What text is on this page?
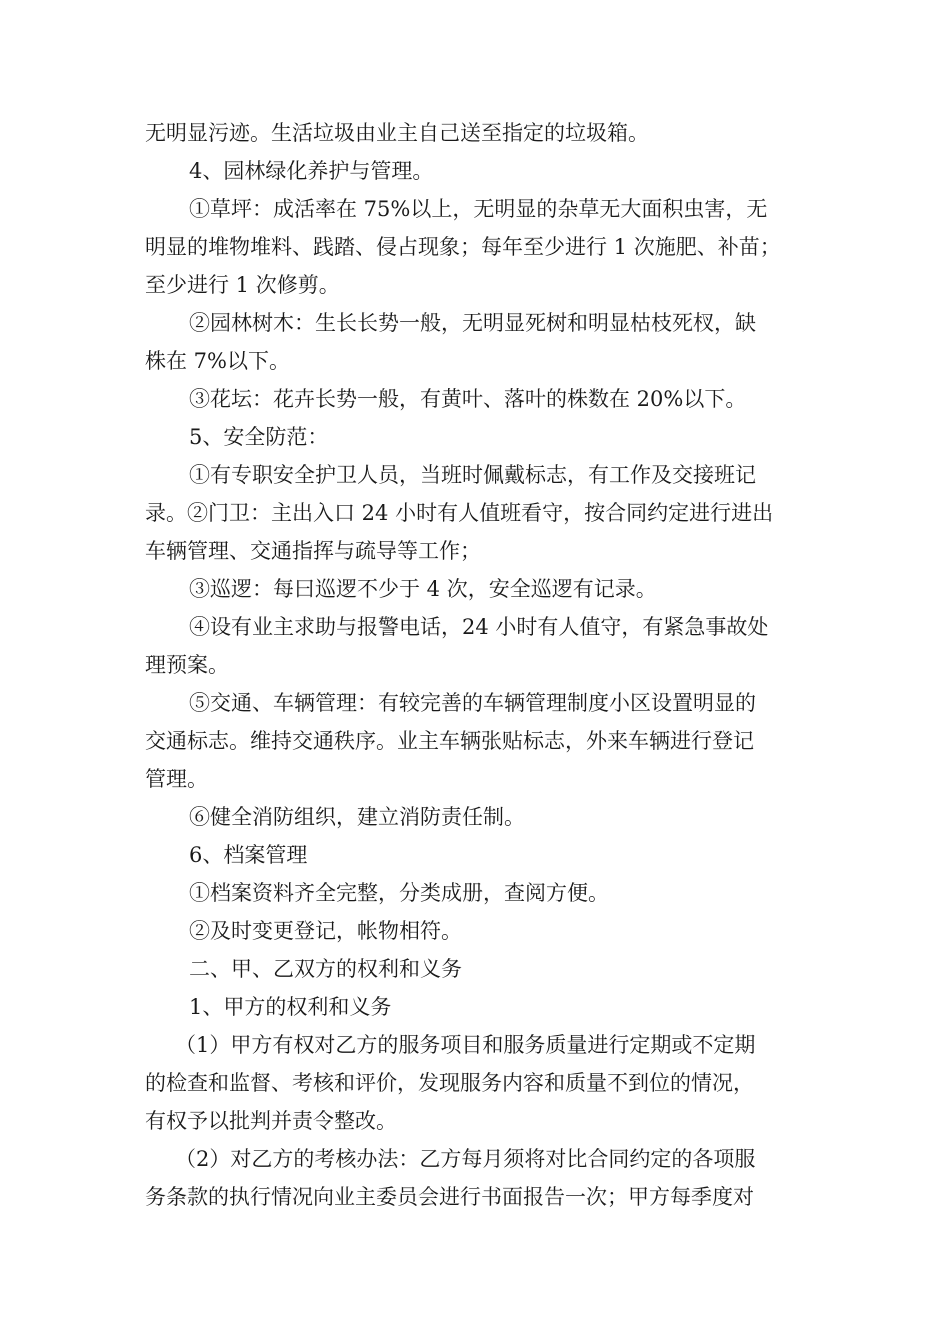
无明显污迹。生活垃圾由业主自己送至指定的垃圾箱。
4、园林绿化养护与管理。
①草坪：成活率在 75%以上，无明显的杂草无大面积虫害，无
明显的堆物堆料、践踏、侵占现象；每年至少进行 1 次施肥、补苗；
至少进行 1 次修剪。
②园林树木：生长长势一般，无明显死树和明显枯枝死杈，缺
株在 7%以下。
③花坛：花卉长势一般，有黄叶、落叶的株数在 20%以下。
5、安全防范：
①有专职安全护卫人员，当班时佩戴标志，有工作及交接班记
录。②门卫：主出入口 24 小时有人值班看守，按合同约定进行进出
车辆管理、交通指挥与疏导等工作；
③巡逻：每曰巡逻不少于 4 次，安全巡逻有记录。
④设有业主求助与报警电话，24 小时有人值守，有紧急事故处
理预案。
⑤交通、车辆管理：有较完善的车辆管理制度小区设置明显的
交通标志。维持交通秩序。业主车辆张贴标志，外来车辆进行登记
管理。
⑥健全消防组织，建立消防责任制。
6、档案管理
①档案资料齐全完整，分类成册，查阅方便。
②及时变更登记，帐物相符。
二、甲、乙双方的权利和义务
1、甲方的权利和义务
（1）甲方有权对乙方的服务项目和服务质量进行定期或不定期
的检查和监督、考核和评价，发现服务内容和质量不到位的情况，
有权予以批判并责令整改。
（2）对乙方的考核办法：乙方每月须将对比合同约定的各项服
务条款的执行情况向业主委员会进行书面报告一次；甲方每季度对
